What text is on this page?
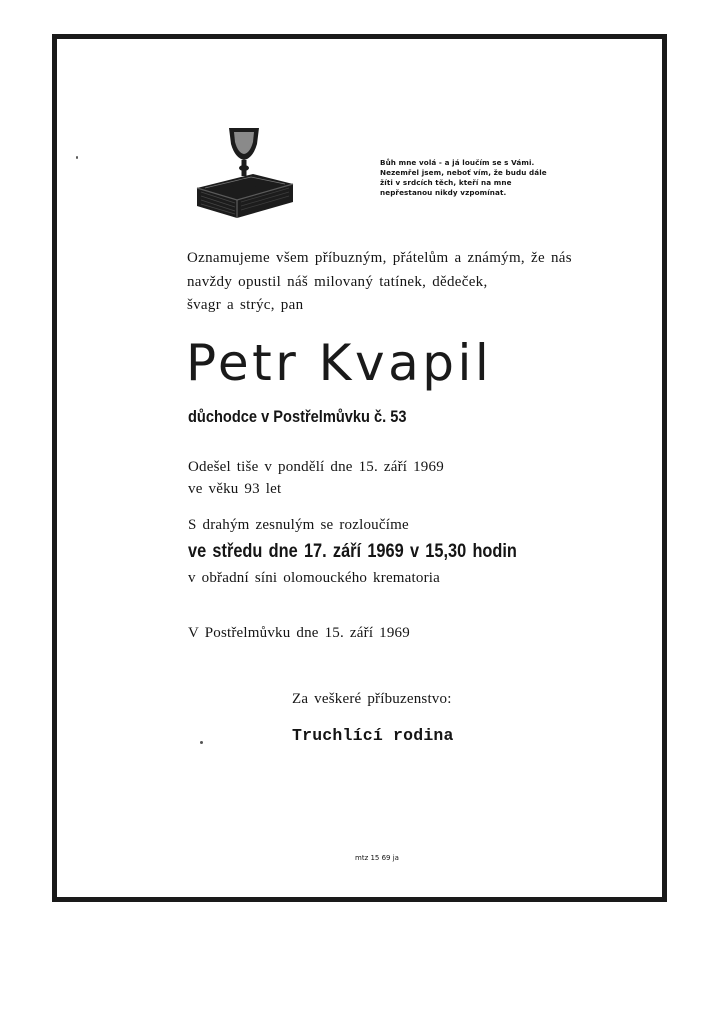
Bůh mne volá - a já loučím se s Vámi.
Nezemřel jsem, neboť vím, že budu dále
žíti v srdcích těch, kteří na mne
nepřestanou nikdy vzpomínat.
Oznamujeme všem příbuzným, přátelům a známým, že nás
navždy opustil náš milovaný tatínek, dědeček,
švagr a strýc, pan
Petr Kvapil
důchodce v Postřelmůvku č. 53
Odešel tiše v pondělí dne 15. září 1969
ve věku 93 let
S drahým zesnulým se rozloučíme
ve středu dne 17. září 1969 v 15,30 hodin
v obřadní síni olomouckého krematoria
V Postřelmůvku dne 15. září 1969
Za veškeré příbuzenstvo:
Truchlící rodina
mtz 15 69 ja
